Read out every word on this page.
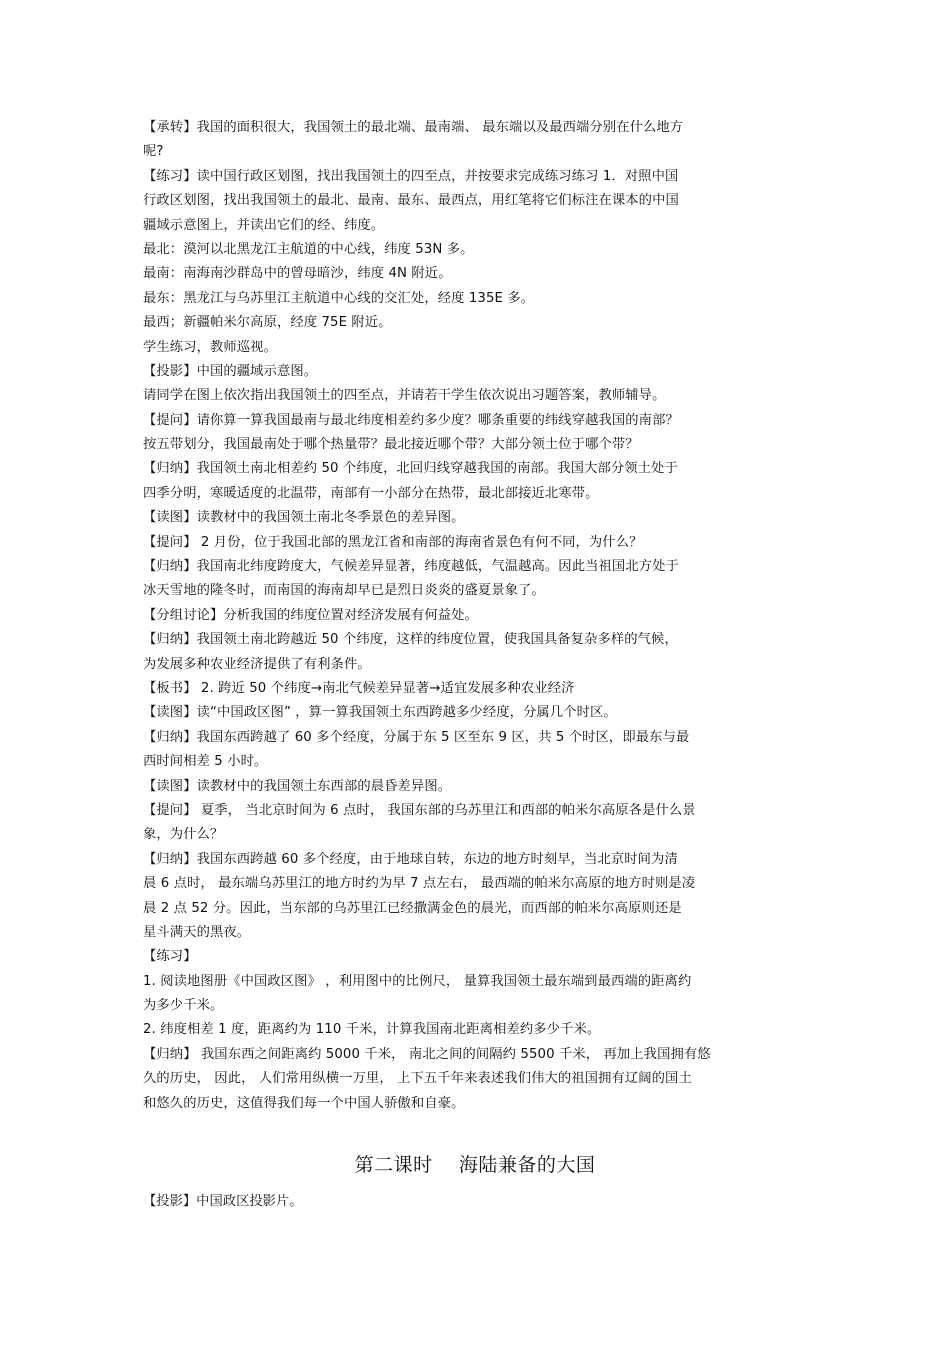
【承转】我国的面积很大，我国领土的最北端、最南端、 最东端以及最西端分别在什么地方
呢?
【练习】读中国行政区划图，找出我国领土的四至点，并按要求完成练习练习 1．对照中国
行政区划图，找出我国领土的最北、最南、最东、最西点，用红笔将它们标注在课本的中国
疆域示意图上，并读出它们的经、纬度。
最北：漠河以北黑龙江主航道的中心线，纬度 53N 多。
最南：南海南沙群岛中的曾母暗沙，纬度 4N 附近。
最东：黑龙江与乌苏里江主航道中心线的交汇处，经度 135E 多。
最西；新疆帕米尔高原，经度 75E 附近。
学生练习，教师巡视。
【投影】中国的疆域示意图。
请同学在图上依次指出我国领土的四至点，并请若干学生依次说出习题答案，教师辅导。
【提问】请你算一算我国最南与最北纬度相差约多少度？哪条重要的纬线穿越我国的南部？
按五带划分，我国最南处于哪个热量带？最北接近哪个带？大部分领土位于哪个带？
【归纳】我国领土南北相差约 50 个纬度，北回归线穿越我国的南部。我国大部分领土处于
四季分明，寒暖适度的北温带，南部有一小部分在热带，最北部接近北寒带。
【读图】读教材中的我国领土南北冬季景色的差异图。
【提问】 2 月份，位于我国北部的黑龙江省和南部的海南省景色有何不同，为什么？
【归纳】我国南北纬度跨度大，气候差异显著，纬度越低，气温越高。因此当祖国北方处于
冰天雪地的隆冬时，而南国的海南却早已是烈日炎炎的盛夏景象了。
【分组讨论】分析我国的纬度位置对经济发展有何益处。
【归纳】我国领土南北跨越近 50 个纬度，这样的纬度位置，使我国具备复杂多样的气候，
为发展多种农业经济提供了有利条件。
【板书】 2. 跨近 50 个纬度→南北气候差异显著→适宜发展多种农业经济
【读图】读“中国政区图” ，算一算我国领土东西跨越多少经度，分属几个时区。
【归纳】我国东西跨越了 60 多个经度，分属于东 5 区至东 9 区，共 5 个时区，即最东与最
西时间相差 5 小时。
【读图】读教材中的我国领土东西部的晨昏差异图。
【提问】 夏季， 当北京时间为 6 点时， 我国东部的乌苏里江和西部的帕米尔高原各是什么景
象，为什么？
【归纳】我国东西跨越 60 多个经度，由于地球自转，东边的地方时刻早，当北京时间为清
晨 6 点时， 最东端乌苏里江的地方时约为早 7 点左右， 最西端的帕米尔高原的地方时则是凌
晨 2 点 52 分。因此，当东部的乌苏里江已经撒满金色的晨光，而西部的帕米尔高原则还是
星斗满天的黑夜。
【练习】
1. 阅读地图册《中国政区图》 ，利用图中的比例尺， 量算我国领土最东端到最西端的距离约
为多少千米。
2. 纬度相差 1 度，距离约为 110 千米，计算我国南北距离相差约多少千米。
【归纳】 我国东西之间距离约 5000 千米， 南北之间的间隔约 5500 千米， 再加上我国拥有悠
久的历史， 因此， 人们常用纵横一万里， 上下五千年来表述我们伟大的祖国拥有辽阔的国土
和悠久的历史，这值得我们每一个中国人骄傲和自豪。
第二课时    海陆兼备的大国
【投影】中国政区投影片。
